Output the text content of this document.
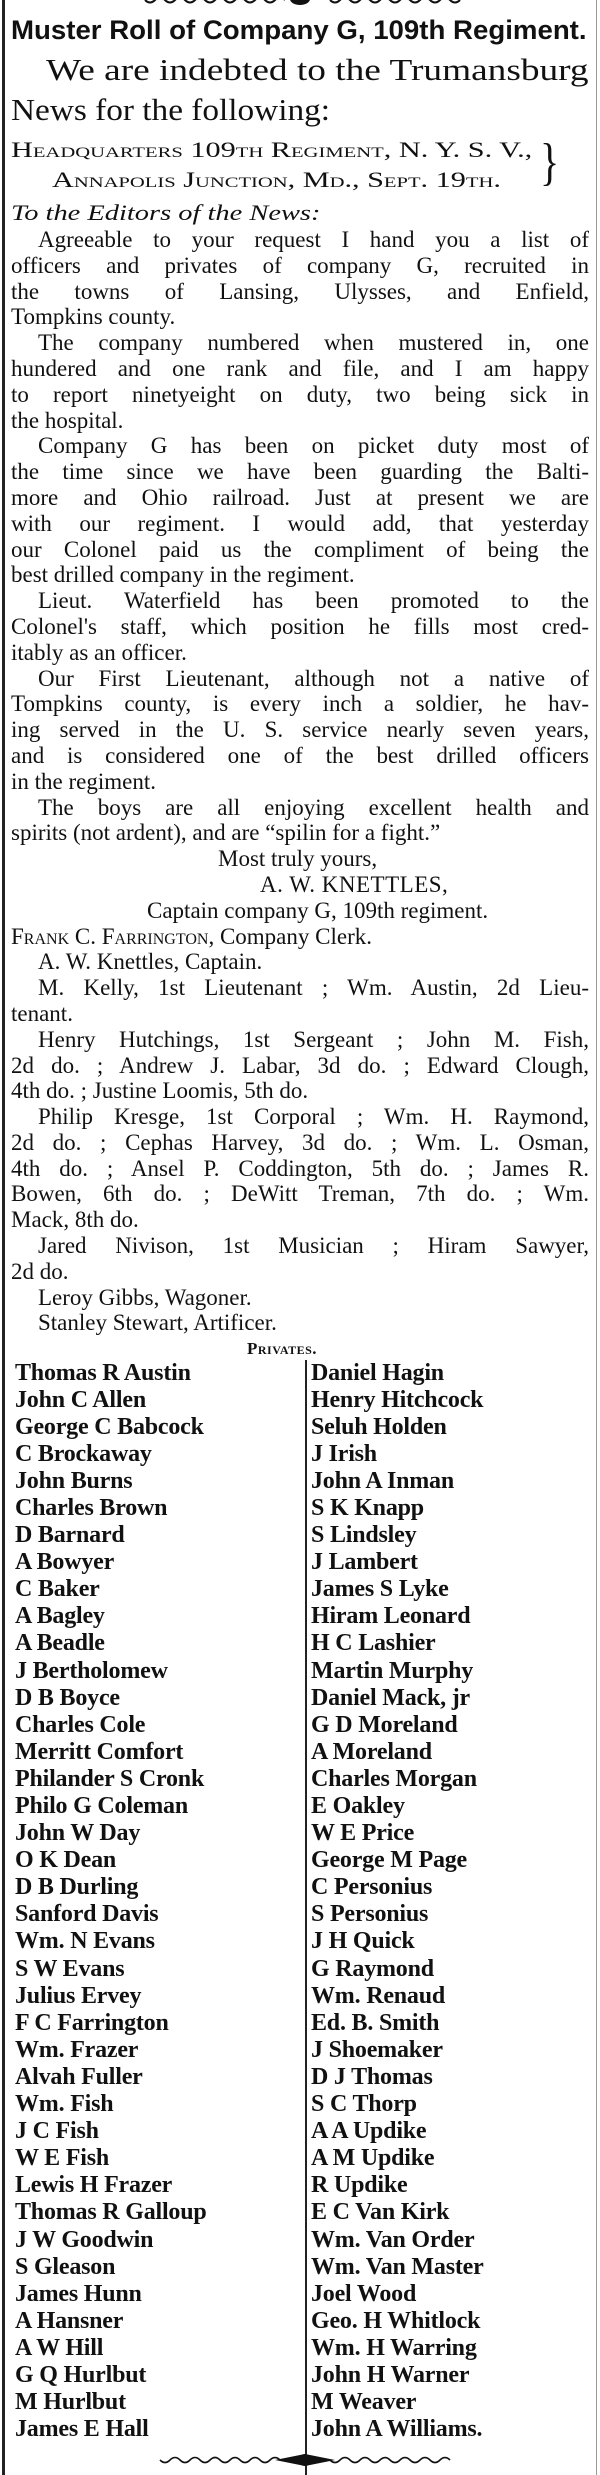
Muster Roll of Company G, 109th Regiment.
We are indebted to the Trumansburg
News for the following:
Headquarters 109th Regiment, N. Y. S. V.,
Annapolis Junction, Md., Sept. 19th. }
To the Editors of the News:
Agreeable to your request I hand you a list of
officers and privates of company G, recruited in
the towns of Lansing, Ulysses, and Enfield,
Tompkins county.
The company numbered when mustered in, one
hundered and one rank and file, and I am happy
to report ninetyeight on duty, two being sick in
the hospital.
Company G has been on picket duty most of
the time since we have been guarding the Balti-
more and Ohio railroad. Just at present we are
with our regiment. I would add, that yesterday
our Colonel paid us the compliment of being the
best drilled company in the regiment.
Lieut. Waterfield has been promoted to the
Colonel's staff, which position he fills most cred-
itably as an officer.
Our First Lieutenant, although not a native of
Tompkins county, is every inch a soldier, he hav-
ing served in the U. S. service nearly seven years,
and is considered one of the best drilled officers
in the regiment.
The boys are all enjoying excellent health and
spirits (not ardent), and are “spilin for a fight.”
Most truly yours,
A. W. KNETTLES,
Captain company G, 109th regiment.
Frank C. Farrington, Company Clerk.
A. W. Knettles, Captain.
M. Kelly, 1st Lieutenant ; Wm. Austin, 2d Lieu-
tenant.
Henry Hutchings, 1st Sergeant ; John M. Fish,
2d do. ; Andrew J. Labar, 3d do. ; Edward Clough,
4th do. ; Justine Loomis, 5th do.
Philip Kresge, 1st Corporal ; Wm. H. Raymond,
2d do. ; Cephas Harvey, 3d do. ; Wm. L. Osman,
4th do. ; Ansel P. Coddington, 5th do. ; James R.
Bowen, 6th do. ; DeWitt Treman, 7th do. ; Wm.
Mack, 8th do.
Jared Nivison, 1st Musician ; Hiram Sawyer,
2d do.
Leroy Gibbs, Wagoner.
Stanley Stewart, Artificer.
Privates.
Thomas R Austin
John C Allen
George C Babcock
C Brockaway
John Burns
Charles Brown
D Barnard
A Bowyer
C Baker
A Bagley
A Beadle
J Bertholomew
D B Boyce
Charles Cole
Merritt Comfort
Philander S Cronk
Philo G Coleman
John W Day
O K Dean
D B Durling
Sanford Davis
Wm. N Evans
S W Evans
Julius Ervey
F C Farrington
Wm. Frazer
Alvah Fuller
Wm. Fish
J C Fish
W E Fish
Lewis H Frazer
Thomas R Galloup
J W Goodwin
S Gleason
James Hunn
A Hansner
A W Hill
G Q Hurlbut
M Hurlbut
James E Hall
Daniel Hagin
Henry Hitchcock
Seluh Holden
J Irish
John A Inman
S K Knapp
S Lindsley
J Lambert
James S Lyke
Hiram Leonard
H C Lashier
Martin Murphy
Daniel Mack, jr
G D Moreland
A Moreland
Charles Morgan
E Oakley
W E Price
George M Page
C Personius
S Personius
J H Quick
G Raymond
Wm. Renaud
Ed. B. Smith
J Shoemaker
D J Thomas
S C Thorp
A A Updike
A M Updike
R Updike
E C Van Kirk
Wm. Van Order
Wm. Van Master
Joel Wood
Geo. H Whitlock
Wm. H Warring
John H Warner
M Weaver
John A Williams.
